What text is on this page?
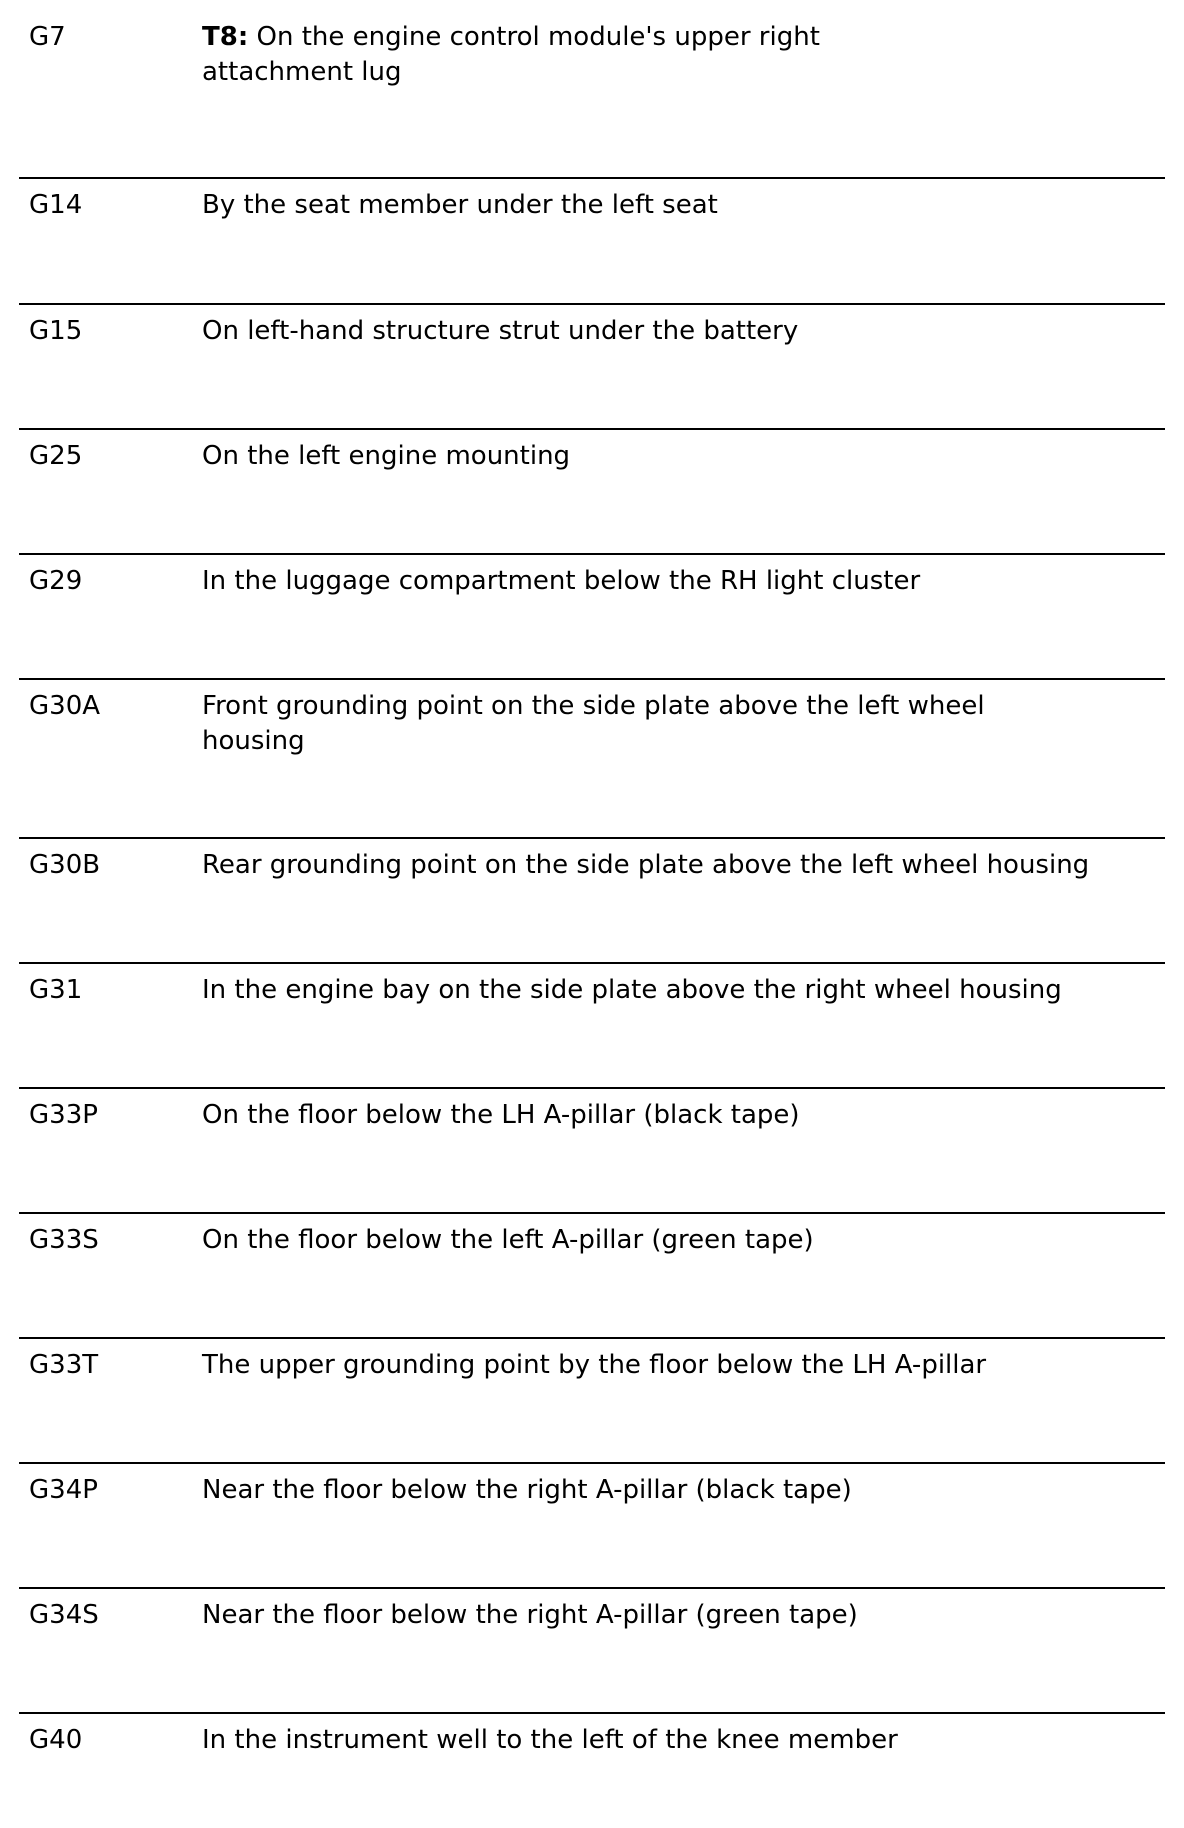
G7	T8: On the engine control module's upper right attachment lug
G14	By the seat member under the left seat
G15	On left-hand structure strut under the battery
G25	On the left engine mounting
G29	In the luggage compartment below the RH light cluster
G30A	Front grounding point on the side plate above the left wheel housing
G30B	Rear grounding point on the side plate above the left wheel housing
G31	In the engine bay on the side plate above the right wheel housing
G33P	On the floor below the LH A-pillar (black tape)
G33S	On the floor below the left A-pillar (green tape)
G33T	The upper grounding point by the floor below the LH A-pillar
G34P	Near the floor below the right A-pillar (black tape)
G34S	Near the floor below the right A-pillar (green tape)
G40	In the instrument well to the left of the knee member
